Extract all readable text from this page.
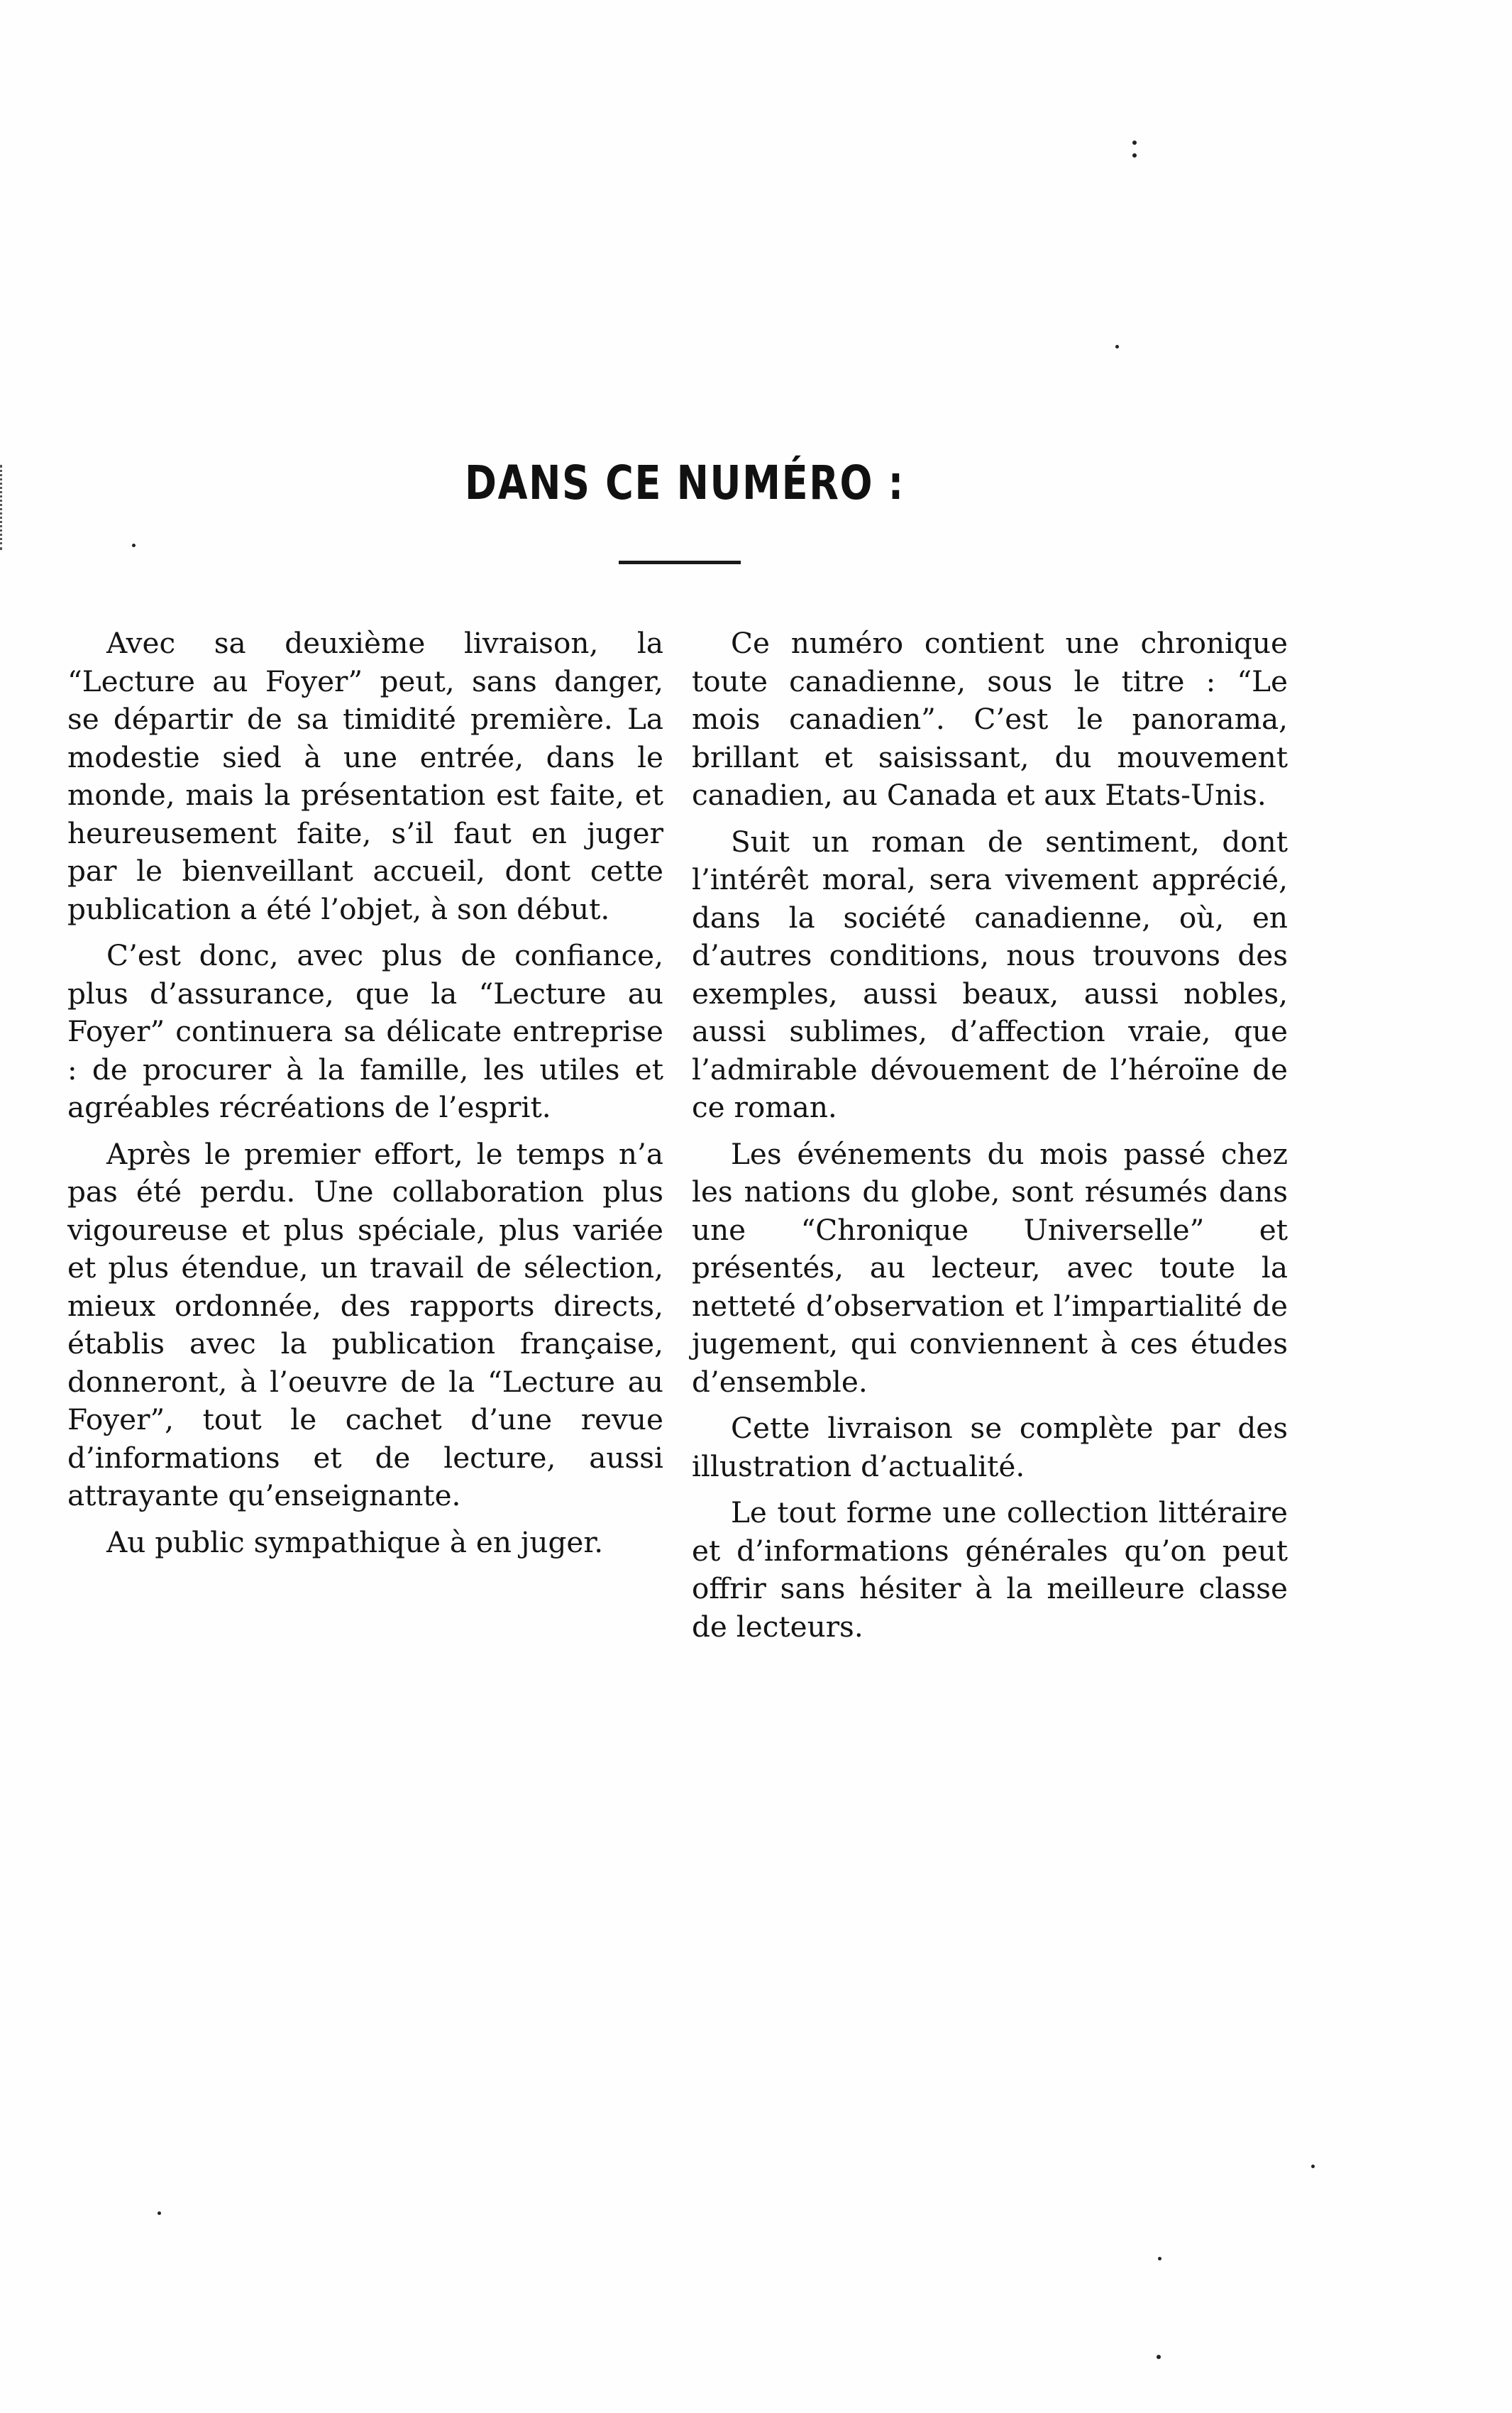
DANS CE NUMÉRO :

Avec sa deuxième livraison, la “Lecture au Foyer” peut, sans danger, se départir de sa timidité première. La modestie sied à une entrée, dans le monde, mais la présentation est faite, et heureusement faite, s’il faut en juger par le bienveillant accueil, dont cette publication a été l’objet, à son début.

C’est donc, avec plus de confiance, plus d’assurance, que la “Lecture au Foyer” continuera sa délicate entreprise : de procurer à la famille, les utiles et agréables récréations de l’esprit.

Après le premier effort, le temps n’a pas été perdu. Une collaboration plus vigoureuse et plus spéciale, plus variée et plus étendue, un travail de sélection, mieux ordonnée, des rapports directs, établis avec la publication française, donneront, à l’oeuvre de la “Lecture au Foyer”, tout le cachet d’une revue d’informations et de lecture, aussi attrayante qu’enseignante.

Au public sympathique à en juger.

Ce numéro contient une chronique toute canadienne, sous le titre : “Le mois canadien”. C’est le panorama, brillant et saisissant, du mouvement canadien, au Canada et aux Etats-Unis.

Suit un roman de sentiment, dont l’intérêt moral, sera vivement apprécié, dans la société canadienne, où, en d’autres conditions, nous trouvons des exemples, aussi beaux, aussi nobles, aussi sublimes, d’affection vraie, que l’admirable dévouement de l’héroïne de ce roman.

Les événements du mois passé chez les nations du globe, sont résumés dans une “Chronique Universelle” et présentés, au lecteur, avec toute la netteté d’observation et l’impartialité de jugement, qui conviennent à ces études d’ensemble.

Cette livraison se complète par des illustration d’actualité.

Le tout forme une collection littéraire et d’informations générales qu’on peut offrir sans hésiter à la meilleure classe de lecteurs.
